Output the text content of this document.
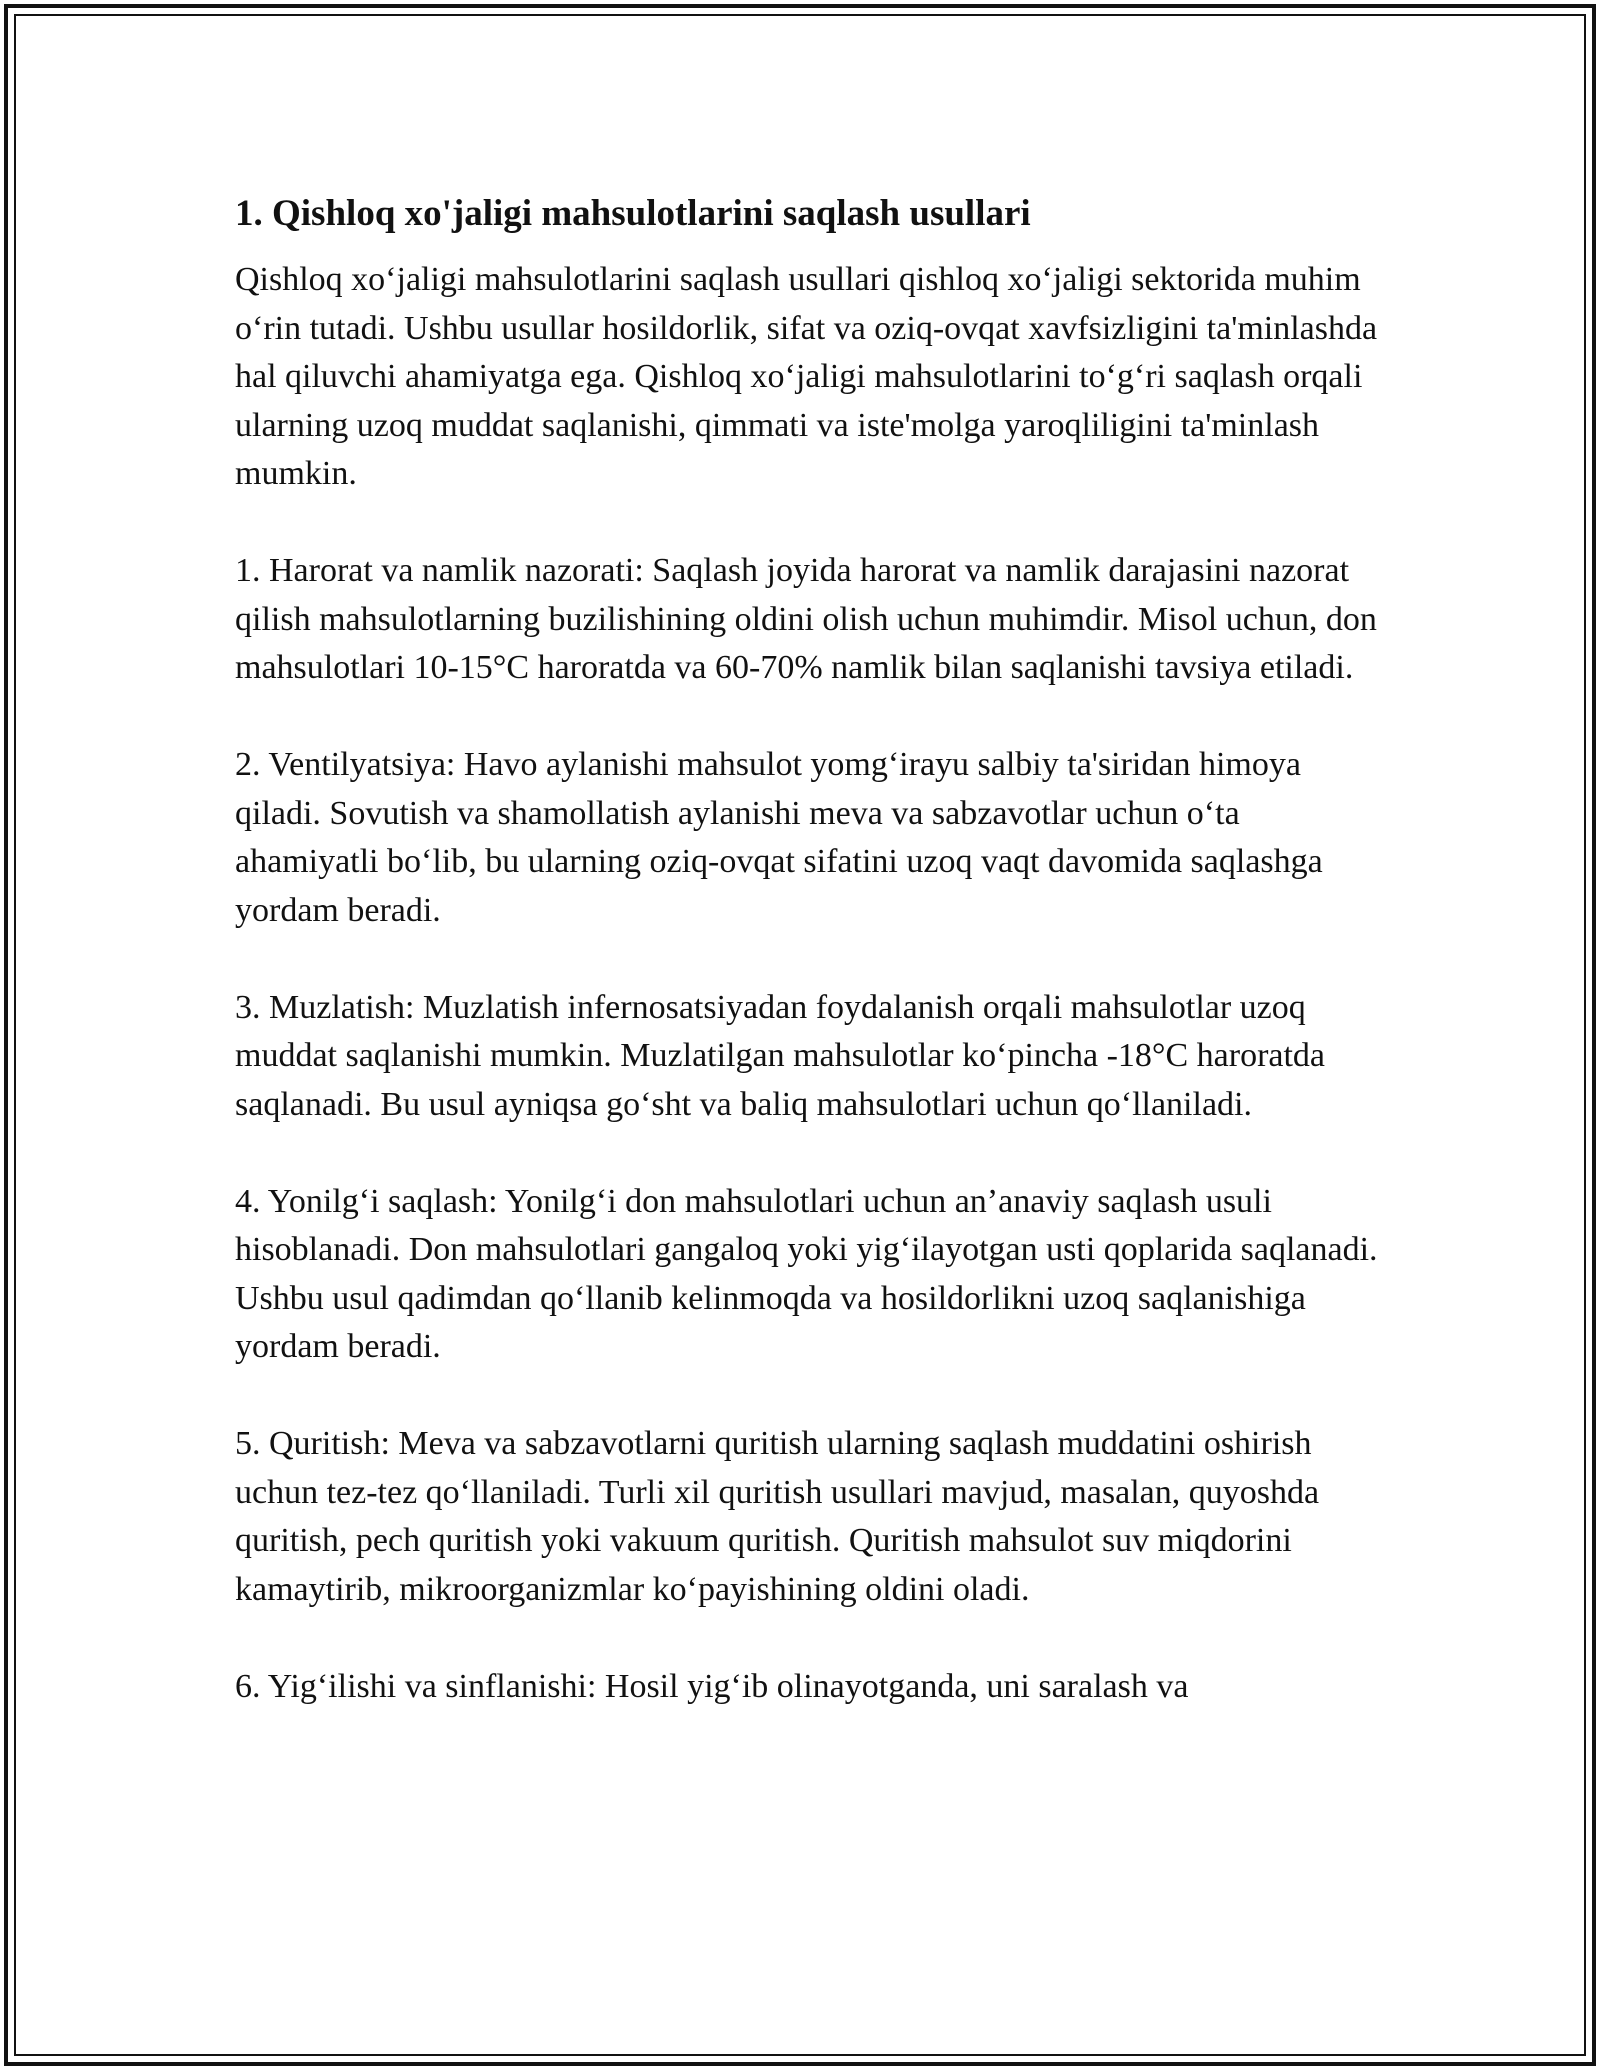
1. Qishloq xo'jaligi mahsulotlarini saqlash usullari

Qishloq xo‘jaligi mahsulotlarini saqlash usullari qishloq xo‘jaligi sektorida muhim o‘rin tutadi. Ushbu usullar hosildorlik, sifat va oziq-ovqat xavfsizligini ta'minlashda hal qiluvchi ahamiyatga ega. Qishloq xo‘jaligi mahsulotlarini to‘g‘ri saqlash orqali ularning uzoq muddat saqlanishi, qimmati va iste'molga yaroqliligini ta'minlash mumkin.

1. Harorat va namlik nazorati: Saqlash joyida harorat va namlik darajasini nazorat qilish mahsulotlarning buzilishining oldini olish uchun muhimdir. Misol uchun, don mahsulotlari 10-15°C haroratda va 60-70% namlik bilan saqlanishi tavsiya etiladi.

2. Ventilyatsiya: Havo aylanishi mahsulot yomg‘irayu salbiy ta'siridan himoya qiladi. Sovutish va shamollatish aylanishi meva va sabzavotlar uchun o‘ta ahamiyatli bo‘lib, bu ularning oziq-ovqat sifatini uzoq vaqt davomida saqlashga yordam beradi.

3. Muzlatish: Muzlatish infernosatsiyadan foydalanish orqali mahsulotlar uzoq muddat saqlanishi mumkin. Muzlatilgan mahsulotlar ko‘pincha -18°C haroratda saqlanadi. Bu usul ayniqsa go‘sht va baliq mahsulotlari uchun qo‘llaniladi.

4. Yonilg‘i saqlash: Yonilg‘i don mahsulotlari uchun an’anaviy saqlash usuli hisoblanadi. Don mahsulotlari gangaloq yoki yig‘ilayotgan usti qoplarida saqlanadi. Ushbu usul qadimdan qo‘llanib kelinmoqda va hosildorlikni uzoq saqlanishiga yordam beradi.

5. Quritish: Meva va sabzavotlarni quritish ularning saqlash muddatini oshirish uchun tez-tez qo‘llaniladi. Turli xil quritish usullari mavjud, masalan, quyoshda quritish, pech quritish yoki vakuum quritish. Quritish mahsulot suv miqdorini kamaytirib, mikroorganizmlar ko‘payishining oldini oladi.

6. Yig‘ilishi va sinflanishi: Hosil yig‘ib olinayotganda, uni saralash va
